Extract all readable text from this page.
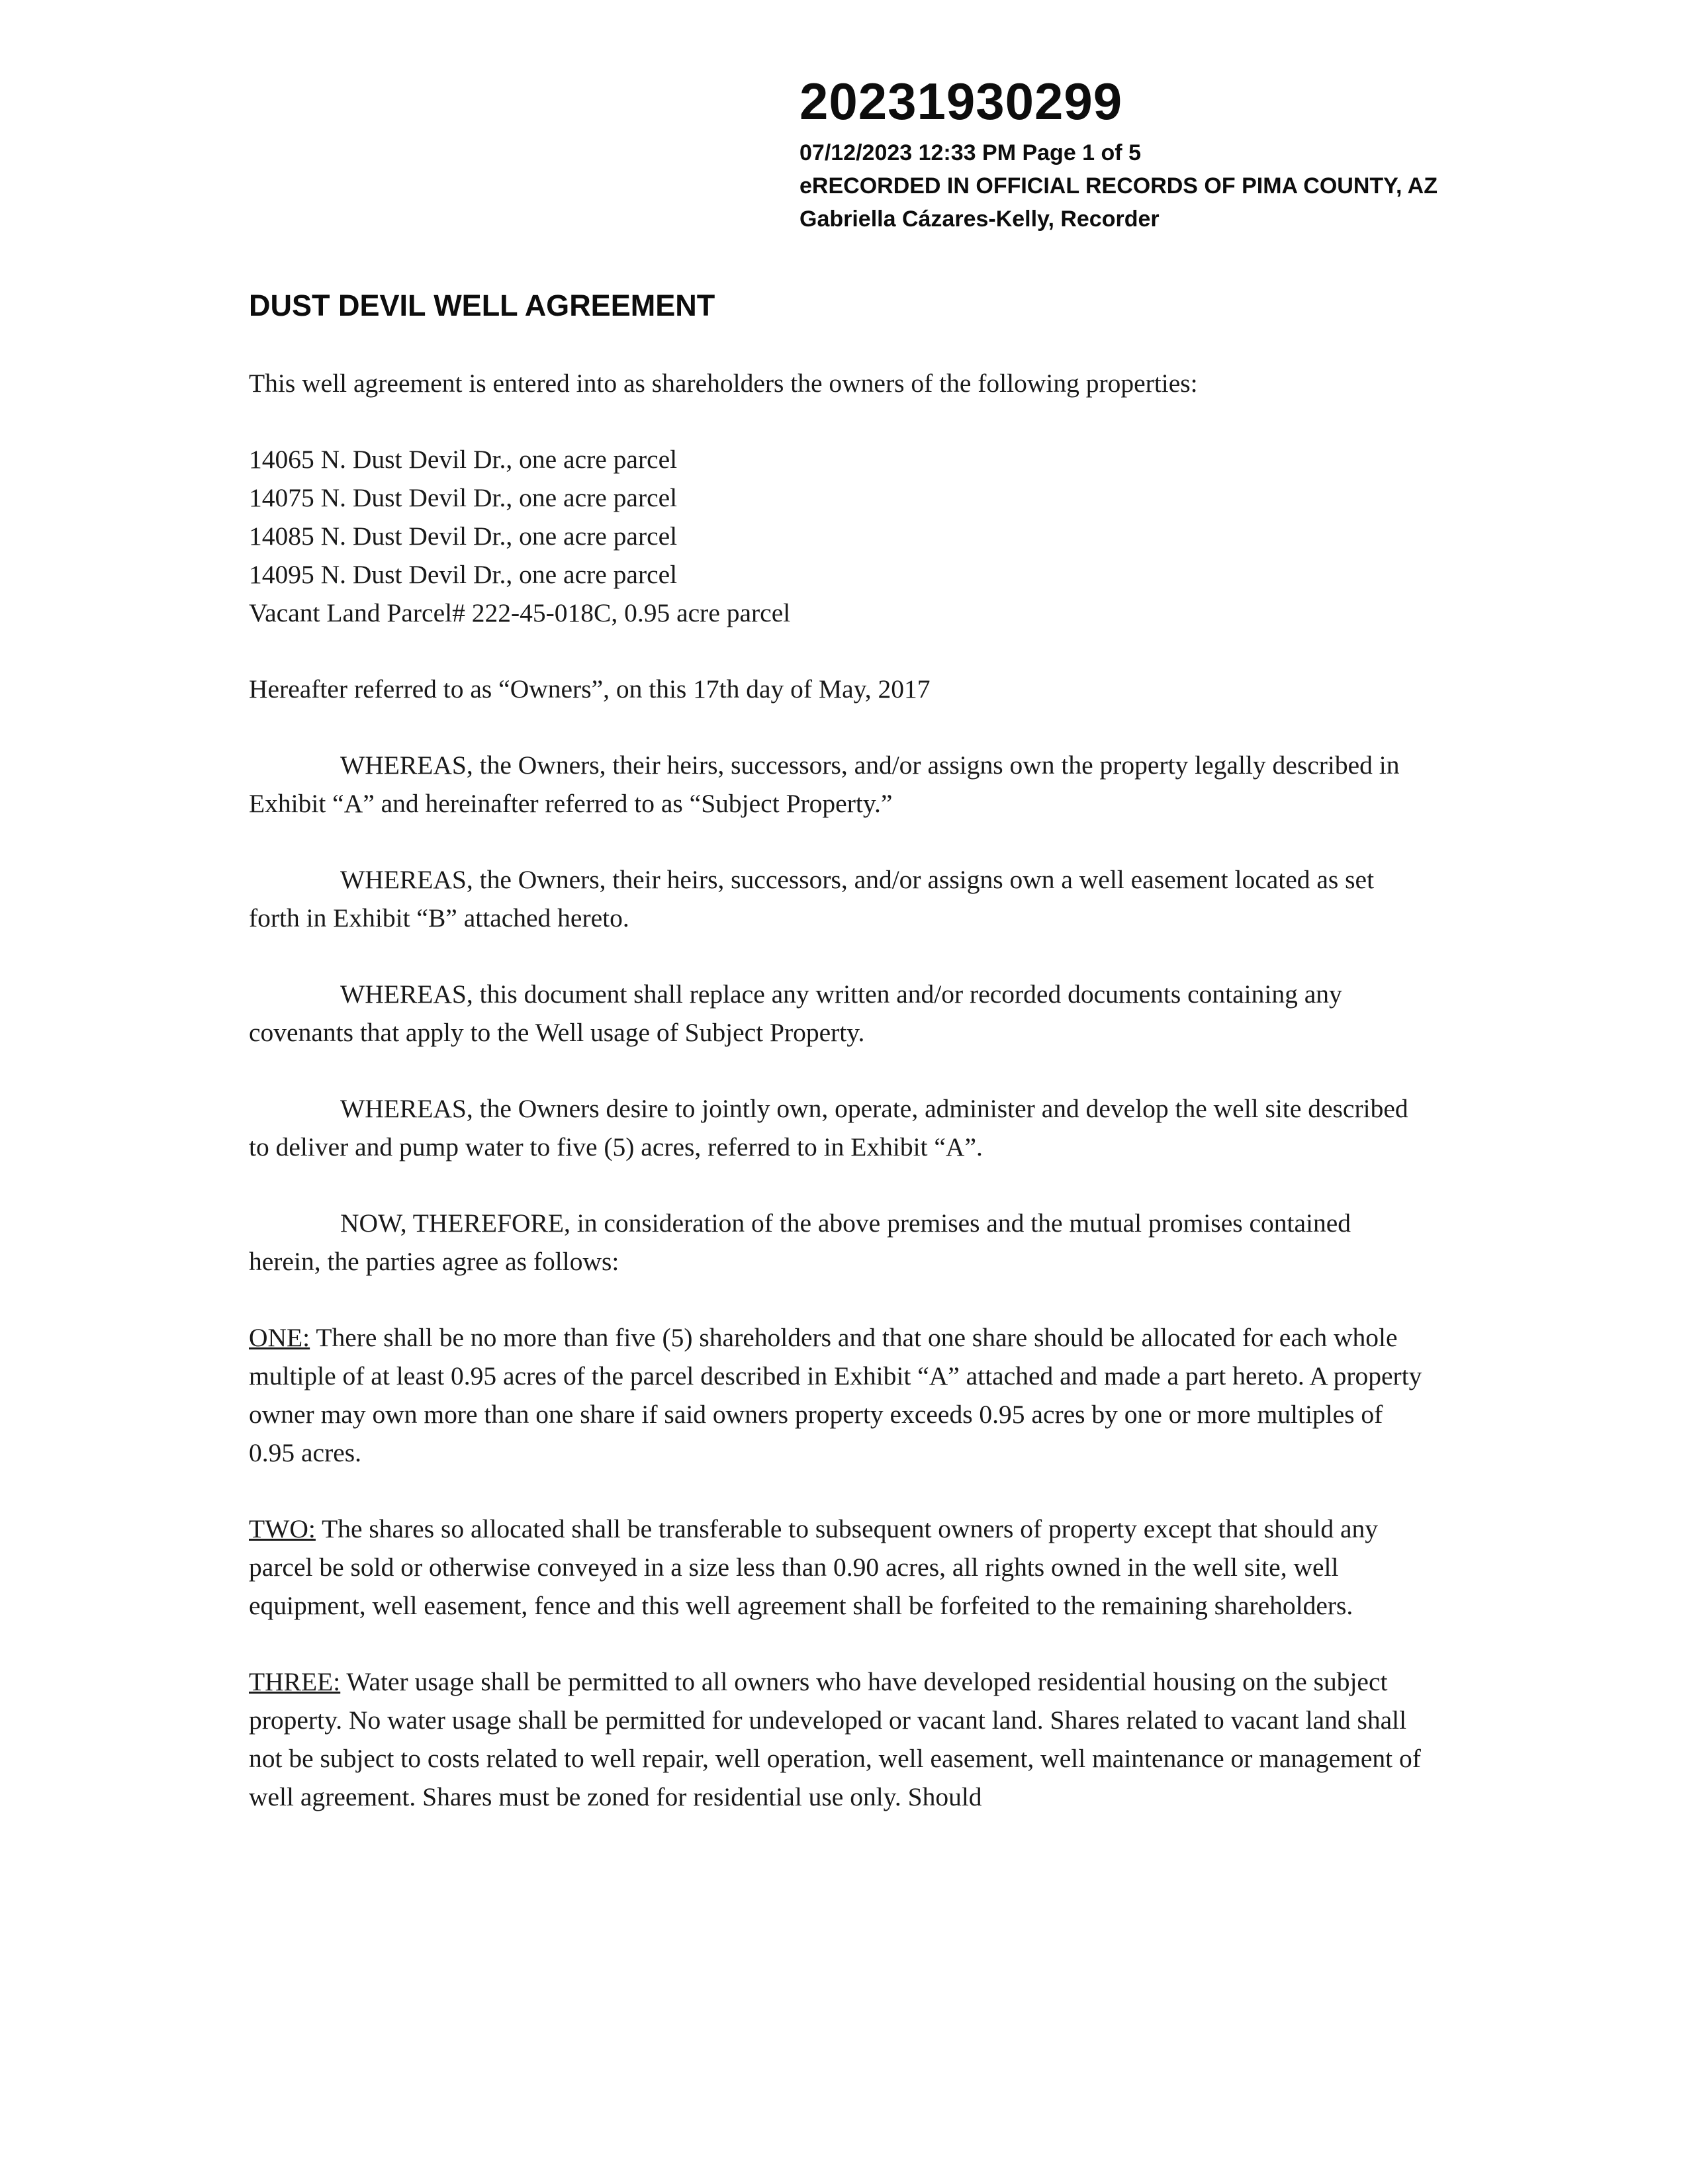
20231930299
07/12/2023 12:33 PM Page 1 of 5
eRECORDED IN OFFICIAL RECORDS OF PIMA COUNTY, AZ
Gabriella Cázares-Kelly, Recorder
DUST DEVIL WELL AGREEMENT

This well agreement is entered into as shareholders the owners of the following properties:

14065 N. Dust Devil Dr., one acre parcel
14075 N. Dust Devil Dr., one acre parcel
14085 N. Dust Devil Dr., one acre parcel
14095 N. Dust Devil Dr., one acre parcel
Vacant Land Parcel# 222-45-018C, 0.95 acre parcel

Hereafter referred to as “Owners”, on this 17th day of May, 2017

WHEREAS, the Owners, their heirs, successors, and/or assigns own the property legally described in Exhibit “A” and hereinafter referred to as “Subject Property.”

WHEREAS, the Owners, their heirs, successors, and/or assigns own a well easement located as set forth in Exhibit “B” attached hereto.

WHEREAS, this document shall replace any written and/or recorded documents containing any covenants that apply to the Well usage of Subject Property.

WHEREAS, the Owners desire to jointly own, operate, administer and develop the well site described to deliver and pump water to five (5) acres, referred to in Exhibit “A”.

NOW, THEREFORE, in consideration of the above premises and the mutual promises contained herein, the parties agree as follows:

ONE: There shall be no more than five (5) shareholders and that one share should be allocated for each whole multiple of at least 0.95 acres of the parcel described in Exhibit “A” attached and made a part hereto. A property owner may own more than one share if said owners property exceeds 0.95 acres by one or more multiples of 0.95 acres.

TWO: The shares so allocated shall be transferable to subsequent owners of property except that should any parcel be sold or otherwise conveyed in a size less than 0.90 acres, all rights owned in the well site, well equipment, well easement, fence and this well agreement shall be forfeited to the remaining shareholders.

THREE: Water usage shall be permitted to all owners who have developed residential housing on the subject property. No water usage shall be permitted for undeveloped or vacant land. Shares related to vacant land shall not be subject to costs related to well repair, well operation, well easement, well maintenance or management of well agreement. Shares must be zoned for residential use only. Should
